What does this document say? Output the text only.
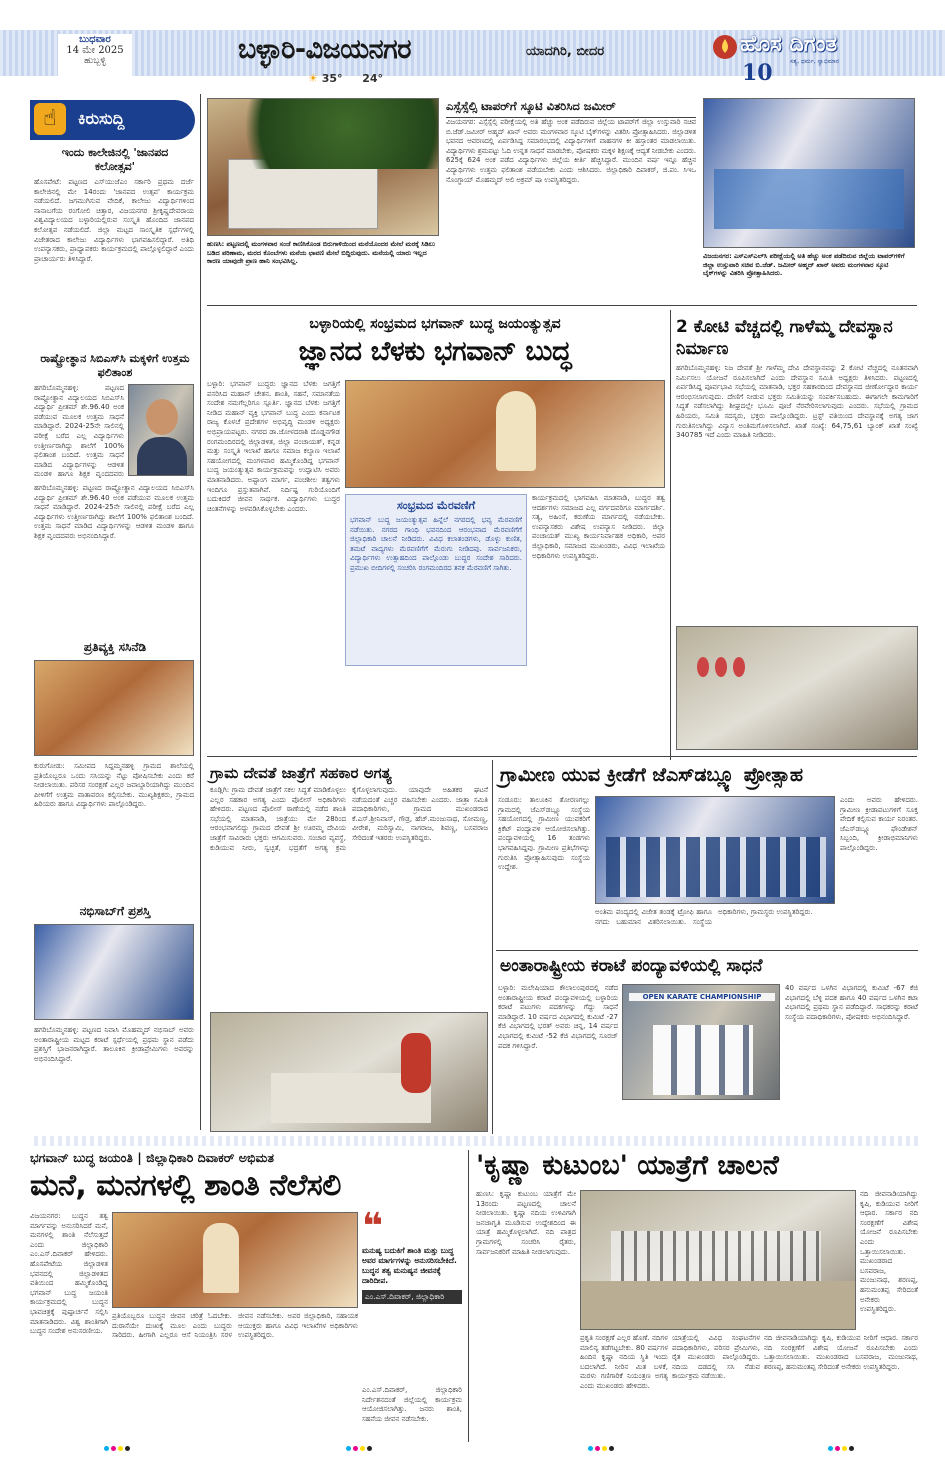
ಬುಧವಾರ
14 ಮೇ 2025
ಹುಬ್ಬಳ್ಳಿ	ಬಳ್ಳಾರಿ-ವಿಜಯನಗರ	ಯಾದಗಿರಿ, ಬೀದರ
☀ 35° 24°	10
ಹೊಸ ದಿಗಂತ
ಸತ್ಯ, ಧರ್ಮ, ಸ್ವಾಭಿಮಾನ
☝	ಕಿರುಸುದ್ದಿ
ಇಂದು ಕಾಲೇಜಿನಲ್ಲಿ 'ಜಾನಪದ ಕಲೋತ್ಸವ'
ಹೊಸಪೇಟೆ: ಪಟ್ಟಣದ ಎಸ್‌ಯುಜೆಎಂ ಸರ್ಕಾರಿ ಪ್ರಥಮ ದರ್ಜೆ ಕಾಲೇಜಿನಲ್ಲಿ ಮೇ 14ರಂದು 'ಜಾನಪದ ಉತ್ಸವ' ಕಾರ್ಯಕ್ರಮ ನಡೆಯಲಿದೆ. ಜಗಮುಗಿಸುವ ವೇದಿಕೆ, ಕಾಲೇಜು ವಿದ್ಯಾರ್ಥಿಗಳಿಂದ ನಾನಾಬಗೆಯ ರಂಗೋಲಿ ಚಿತ್ತಾರ, ವಿಜಯನಗರ ಶ್ರೀಕೃಷ್ಣದೇವರಾಯ ವಿಶ್ವವಿದ್ಯಾಲಯದ ಬಳ್ಳಾರಿಯಲ್ಲಿರುವ ಸಂಸ್ಕೃತಿ ಹೊಂದಿದ ಜಾನಪದ ಕಲೋತ್ಸವ ನಡೆಯಲಿದೆ. ಜಿಲ್ಲಾ ಮಟ್ಟದ ಸಾಂಸ್ಕೃತಿಕ ಸ್ಪರ್ಧೆಗಳಲ್ಲಿ ವಿಜೇತರಾದ ಕಾಲೇಜು ವಿದ್ಯಾರ್ಥಿಗಳು ಭಾಗವಹಿಸಲಿದ್ದಾರೆ. ಅತಿಥಿ ಉಪನ್ಯಾಸಕರು, ಪ್ರಾಧ್ಯಾಪಕರು ಕಾರ್ಯಕ್ರಮದಲ್ಲಿ ಪಾಲ್ಗೊಳ್ಳಲಿದ್ದಾರೆ ಎಂದು ಪ್ರಾಚಾರ್ಯರು ತಿಳಿಸಿದ್ದಾರೆ.
ರಾಷ್ಟ್ರೋತ್ಥಾನ ಸಿಬಿಎಸ್‌ಸಿ ಮಕ್ಕಳಿಗೆ ಉತ್ತಮ ಫಲಿತಾಂಶ
ಹಗರಿಬೊಮ್ಮನಹಳ್ಳಿ: ಪಟ್ಟಣದ ರಾಷ್ಟ್ರೋತ್ಥಾನ ವಿದ್ಯಾಲಯದ ಸಿಬಿಎಸ್‌ಸಿ ವಿದ್ಯಾರ್ಥಿ ಪ್ರೀತಮ್ ಶೇ.96.40 ಅಂಕ ಪಡೆಯುವ ಮೂಲಕ ಉತ್ತಮ ಸಾಧನೆ ಮಾಡಿದ್ದಾರೆ. 2024-25ನೇ ಸಾಲಿನಲ್ಲಿ ಪರೀಕ್ಷೆ ಬರೆದ ಎಲ್ಲ ವಿದ್ಯಾರ್ಥಿಗಳು ಉತ್ತೀರ್ಣರಾಗಿದ್ದು ಶಾಲೆಗೆ 100% ಫಲಿತಾಂಶ ಬಂದಿದೆ. ಉತ್ತಮ ಸಾಧನೆ ಮಾಡಿದ ವಿದ್ಯಾರ್ಥಿಗಳನ್ನು ಆಡಳಿತ ಮಂಡಳಿ ಹಾಗೂ ಶಿಕ್ಷಕ ವೃಂದದವರು
ಹಗರಿಬೊಮ್ಮನಹಳ್ಳಿ: ಪಟ್ಟಣದ ರಾಷ್ಟ್ರೋತ್ಥಾನ ವಿದ್ಯಾಲಯದ ಸಿಬಿಎಸ್‌ಸಿ ವಿದ್ಯಾರ್ಥಿ ಪ್ರೀತಮ್ ಶೇ.96.40 ಅಂಕ ಪಡೆಯುವ ಮೂಲಕ ಉತ್ತಮ ಸಾಧನೆ ಮಾಡಿದ್ದಾರೆ. 2024-25ನೇ ಸಾಲಿನಲ್ಲಿ ಪರೀಕ್ಷೆ ಬರೆದ ಎಲ್ಲ ವಿದ್ಯಾರ್ಥಿಗಳು ಉತ್ತೀರ್ಣರಾಗಿದ್ದು ಶಾಲೆಗೆ 100% ಫಲಿತಾಂಶ ಬಂದಿದೆ. ಉತ್ತಮ ಸಾಧನೆ ಮಾಡಿದ ವಿದ್ಯಾರ್ಥಿಗಳನ್ನು ಆಡಳಿತ ಮಂಡಳಿ ಹಾಗೂ ಶಿಕ್ಷಕ ವೃಂದದವರು ಅಭಿನಂದಿಸಿದ್ದಾರೆ.
ಪ್ರತಿವ್ಯಕ್ತಿ ಸಸಿನೆಡಿ
ಕುರುಗೋಡು: ಸಮೀಪದ ಸಿದ್ದಮ್ಮನಹಳ್ಳಿ ಗ್ರಾಮದ ಶಾಲೆಯಲ್ಲಿ ಪ್ರತಿಯೊಬ್ಬರೂ ಒಂದು ಸಸಿಯನ್ನು ನೆಟ್ಟು ಪೋಷಿಸಬೇಕು ಎಂದು ಕರೆ ನೀಡಲಾಯಿತು. ಪರಿಸರ ಸಂರಕ್ಷಣೆ ಎಲ್ಲರ ಜವಾಬ್ದಾರಿಯಾಗಿದ್ದು ಮುಂದಿನ ಪೀಳಿಗೆಗೆ ಉತ್ತಮ ವಾತಾವರಣ ಕಲ್ಪಿಸಬೇಕು. ಮುಖ್ಯಶಿಕ್ಷಕರು, ಗ್ರಾಮದ ಹಿರಿಯರು ಹಾಗೂ ವಿದ್ಯಾರ್ಥಿಗಳು ಪಾಲ್ಗೊಂಡಿದ್ದರು.
ನಭಿಸಾಬ್‌ಗೆ ಪ್ರಶಸ್ತಿ
ಹಗರಿಬೊಮ್ಮನಹಳ್ಳಿ: ಪಟ್ಟಣದ ನಿವಾಸಿ ಮೊಹಮ್ಮದ್ ನಭಿಸಾಬ್ ಅವರು ಅಂತಾರಾಷ್ಟ್ರೀಯ ಮಟ್ಟದ ಕರಾಟೆ ಸ್ಪರ್ಧೆಯಲ್ಲಿ ಪ್ರಥಮ ಸ್ಥಾನ ಪಡೆದು ಪ್ರಶಸ್ತಿಗೆ ಭಾಜನರಾಗಿದ್ದಾರೆ. ತಾಲೂಕಿನ ಕ್ರೀಡಾಪ್ರೇಮಿಗಳು ಅವರನ್ನು ಅಭಿನಂದಿಸಿದ್ದಾರೆ.
ಹುಣಸಿ: ಪಟ್ಟಣದಲ್ಲಿ ಮಂಗಳವಾರ ಸಂಜೆ ಕಾಣಿಸಿಕೊಂಡ ಬಿರುಗಾಳಿಯಿಂದ ಮನೆಯೊಂದರ ಮೇಲೆ ಮರಕ್ಕೆ ಸಿಡಿಲು ಬಡಿದ ಪರಿಣಾಮ, ಮರದ ಕೊಂಬೆಗಳು ಮನೆಯ ಛಾವಣಿ ಮೇಲೆ ಬಿದ್ದಿರುವುದು. ಮನೆಯಲ್ಲಿ ಯಾರು ಇಲ್ಲದ ಕಾರಣ ಯಾವುದೇ ಪ್ರಾಣ ಹಾನಿ ಸಂಭವಿಸಿಲ್ಲ.
ಎಸ್ಸೆಸ್ಸೆಲ್ಸಿ ಟಾಪರ್‌ಗೆ ಸ್ಕೂಟಿ ವಿತರಿಸಿದ ಜಮೀರ್
ವಿಜಯನಗರ: ಎಸ್ಸೆಸ್ಸೆಲ್ಸಿ ಪರೀಕ್ಷೆಯಲ್ಲಿ ಅತಿ ಹೆಚ್ಚು ಅಂಕ ಪಡೆದಿರುವ ಜಿಲ್ಲೆಯ ಟಾಪರ್‌ಗೆ ಜಿಲ್ಲಾ ಉಸ್ತುವಾರಿ ಸಚಿವ ಬಿ.ಜೆಡ್.ಜಮೀರ್ ಅಹ್ಮದ್ ಖಾನ್ ಅವರು ಮಂಗಳವಾರ ಸ್ಕೂಟಿ ಬೈಕ್‌ಗಳನ್ನು ವಿತರಿಸಿ ಪ್ರೋತ್ಸಾಹಿಸಿದರು. ಜಿಲ್ಲಾಡಳಿತ ಭವನದ ಆವರಣದಲ್ಲಿ ಏರ್ಪಡಿಸಿದ್ದ ಸಮಾರಂಭದಲ್ಲಿ ವಿದ್ಯಾರ್ಥಿಗಳಿಗೆ ವಾಹನಗಳ ಕೀ ಹಸ್ತಾಂತರ ಮಾಡಲಾಯಿತು. ವಿದ್ಯಾರ್ಥಿಗಳು ಶ್ರಮಪಟ್ಟು ಓದಿ ಉನ್ನತ ಸಾಧನೆ ಮಾಡಬೇಕು, ಪೋಷಕರು ಮಕ್ಕಳ ಶಿಕ್ಷಣಕ್ಕೆ ಆದ್ಯತೆ ನೀಡಬೇಕು ಎಂದರು. 625ಕ್ಕೆ 624 ಅಂಕ ಪಡೆದ ವಿದ್ಯಾರ್ಥಿಗಳು ಜಿಲ್ಲೆಯ ಕೀರ್ತಿ ಹೆಚ್ಚಿಸಿದ್ದಾರೆ. ಮುಂದಿನ ವರ್ಷ ಇನ್ನೂ ಹೆಚ್ಚಿನ ವಿದ್ಯಾರ್ಥಿಗಳು ಉತ್ತಮ ಫಲಿತಾಂಶ ಪಡೆಯಬೇಕು ಎಂದು ಆಶಿಸಿದರು. ಜಿಲ್ಲಾಧಿಕಾರಿ ದಿವಾಕರ್, ಜಿ.ಪಂ. ಸಿಇಒ ನೊಂಗ್ಜಾಯ್ ಮೊಹಮ್ಮದ್ ಅಲಿ ಅಕ್ರಮ್ ಷಾ ಉಪಸ್ಥಿತರಿದ್ದರು.
ವಿಜಯನಗರ: ಎಸ್‌ಎಸ್‌ಎಲ್‌ಸಿ ಪರೀಕ್ಷೆಯಲ್ಲಿ ಅತಿ ಹೆಚ್ಚು ಅಂಕ ಪಡೆದಿರುವ ಜಿಲ್ಲೆಯ ಟಾಪರ್‌ಗಳಿಗೆ ಜಿಲ್ಲಾ ಉಸ್ತುವಾರಿ ಸಚಿವ ಬಿ.ಜೆಡ್. ಜಮೀರ್ ಅಹ್ಮದ್ ಖಾನ್ ಅವರು ಮಂಗಳವಾರ ಸ್ಕೂಟಿ ಬೈಕ್‌ಗಳನ್ನು ವಿತರಿಸಿ ಪ್ರೋತ್ಸಾಹಿಸಿದರು.
ಬಳ್ಳಾರಿಯಲ್ಲಿ ಸಂಭ್ರಮದ ಭಗವಾನ್ ಬುದ್ಧ ಜಯಂತ್ಯುತ್ಸವ
ಜ್ಞಾನದ ಬೆಳಕು ಭಗವಾನ್ ಬುದ್ಧ
ಬಳ್ಳಾರಿ: ಭಗವಾನ್ ಬುದ್ಧರು ಜ್ಞಾನದ ಬೆಳಕು ಜಗತ್ತಿಗೆ ಪಸರಿಸಿದ ಮಹಾನ್ ಚೇತನ. ಶಾಂತಿ, ಸಹನೆ, ಸಮಾನತೆಯ ಸಂದೇಶ ನಮಗೆಲ್ಲರಿಗೂ ಸ್ಪೂರ್ತಿ. ಜ್ಞಾನದ ಬೆಳಕು ಜಗತ್ತಿಗೆ ನೀಡಿದ ಮಹಾನ್ ವ್ಯಕ್ತಿ ಭಗವಾನ್ ಬುದ್ಧ ಎಂದು ಕರ್ನಾಟಕ ರಾಜ್ಯ ಕೊಳಚೆ ಪ್ರದೇಶಗಳ ಅಭಿವೃದ್ಧಿ ಮಂಡಳಿ ಅಧ್ಯಕ್ಷರು ಅಭಿಪ್ರಾಯಪಟ್ಟರು. ನಗರದ ಡಾ.ಜೋಳದರಾಶಿ ದೊಡ್ಡನಗೌಡ ರಂಗಮಂದಿರದಲ್ಲಿ ಜಿಲ್ಲಾಡಳಿತ, ಜಿಲ್ಲಾ ಪಂಚಾಯತ್, ಕನ್ನಡ ಮತ್ತು ಸಂಸ್ಕೃತಿ ಇಲಾಖೆ ಹಾಗೂ ಸಮಾಜ ಕಲ್ಯಾಣ ಇಲಾಖೆ ಸಹಯೋಗದಲ್ಲಿ ಮಂಗಳವಾರ ಹಮ್ಮಿಕೊಂಡಿದ್ದ ಭಗವಾನ್ ಬುದ್ಧ ಜಯಂತ್ಯುತ್ಸವ ಕಾರ್ಯಕ್ರಮವನ್ನು ಉದ್ಘಾಟಿಸಿ ಅವರು ಮಾತನಾಡಿದರು. ಅಷ್ಟಾಂಗ ಮಾರ್ಗ, ಪಂಚಶೀಲ ತತ್ವಗಳು ಇಂದಿಗೂ ಪ್ರಸ್ತುತವಾಗಿವೆ. ನಿರ್ದಿಷ್ಟ ಗುರಿಯೊಂದಿಗೆ ಬದುಕಿದರೆ ಜೀವನ ಸಾರ್ಥಕ. ವಿದ್ಯಾರ್ಥಿಗಳು ಬುದ್ಧರ ಚಿಂತನೆಗಳನ್ನು ಅಳವಡಿಸಿಕೊಳ್ಳಬೇಕು ಎಂದರು.	ಸಂಭ್ರಮದ ಮೆರವಣಿಗೆ
ಭಗವಾನ್ ಬುದ್ಧ ಜಯಂತ್ಯುತ್ಸವ ಹಿನ್ನೆಲೆ ನಗರದಲ್ಲಿ ಭವ್ಯ ಮೆರವಣಿಗೆ ನಡೆಯಿತು. ನಗರದ ಗಾಂಧಿ ಭವನದಿಂದ ಆರಂಭವಾದ ಮೆರವಣಿಗೆಗೆ ಜಿಲ್ಲಾಧಿಕಾರಿ ಚಾಲನೆ ನೀಡಿದರು. ವಿವಿಧ ಕಲಾತಂಡಗಳು, ಡೊಳ್ಳು ಕುಣಿತ, ತಮಟೆ ವಾದ್ಯಗಳು ಮೆರವಣಿಗೆಗೆ ಮೆರುಗು ನೀಡಿದವು. ಸಾರ್ವಜನಿಕರು, ವಿದ್ಯಾರ್ಥಿಗಳು ಉತ್ಸಾಹದಿಂದ ಪಾಲ್ಗೊಂಡು ಬುದ್ಧರ ಸಂದೇಶ ಸಾರಿದರು. ಪ್ರಮುಖ ಬೀದಿಗಳಲ್ಲಿ ಸಂಚರಿಸಿ ರಂಗಮಂದಿರದ ತನಕ ಮೆರವಣಿಗೆ ಸಾಗಿತು.
ಕಾರ್ಯಕ್ರಮದಲ್ಲಿ ಭಾಗವಹಿಸಿ ಮಾತನಾಡಿ, ಬುದ್ಧರ ತತ್ವ ಆದರ್ಶಗಳು ಸಮಾಜದ ಎಲ್ಲ ವರ್ಗದವರಿಗೂ ಮಾರ್ಗದರ್ಶಿ. ಸತ್ಯ, ಅಹಿಂಸೆ, ಕರುಣೆಯ ಮಾರ್ಗದಲ್ಲಿ ನಡೆಯಬೇಕು. ಉಪನ್ಯಾಸಕರು ವಿಶೇಷ ಉಪನ್ಯಾಸ ನೀಡಿದರು. ಜಿಲ್ಲಾ ಪಂಚಾಯತ್ ಮುಖ್ಯ ಕಾರ್ಯನಿರ್ವಾಹಕ ಅಧಿಕಾರಿ, ಅಪರ ಜಿಲ್ಲಾಧಿಕಾರಿ, ಸಮಾಜದ ಮುಖಂಡರು, ವಿವಿಧ ಇಲಾಖೆಯ ಅಧಿಕಾರಿಗಳು ಉಪಸ್ಥಿತರಿದ್ದರು.
2 ಕೋಟಿ ವೆಚ್ಚದಲ್ಲಿ ಗಾಳೆಮ್ಮ ದೇವಸ್ಥಾನ ನಿರ್ಮಾಣ
ಹಗರಿಬೊಮ್ಮನಹಳ್ಳಿ: ನಿಜ ದೇವತೆ ಶ್ರೀ ಗಾಳೆಮ್ಮ ದೇವಿ ದೇವಸ್ಥಾನವನ್ನು 2 ಕೋಟಿ ವೆಚ್ಚದಲ್ಲಿ ನೂತನವಾಗಿ ನಿರ್ಮಿಸಲು ಯೋಜನೆ ರೂಪಿಸಲಾಗಿದೆ ಎಂದು ದೇವಸ್ಥಾನ ಸಮಿತಿ ಅಧ್ಯಕ್ಷರು ತಿಳಿಸಿದರು. ಪಟ್ಟಣದಲ್ಲಿ ಏರ್ಪಡಿಸಿದ್ದ ಪೂರ್ವಭಾವಿ ಸಭೆಯಲ್ಲಿ ಮಾತನಾಡಿ, ಭಕ್ತರ ಸಹಕಾರದಿಂದ ದೇವಸ್ಥಾನದ ಜೀರ್ಣೋದ್ಧಾರ ಕಾರ್ಯ ಆರಂಭಿಸಲಾಗುವುದು. ದೇಣಿಗೆ ನೀಡುವ ಭಕ್ತರು ಸಮಿತಿಯನ್ನು ಸಂಪರ್ಕಿಸಬಹುದು. ಈಗಾಗಲೇ ಕಾಮಗಾರಿಗೆ ಸಿದ್ಧತೆ ನಡೆಸಲಾಗಿದ್ದು ಶೀಘ್ರದಲ್ಲೇ ಭೂಮಿ ಪೂಜೆ ನೆರವೇರಿಸಲಾಗುವುದು ಎಂದರು. ಸಭೆಯಲ್ಲಿ ಗ್ರಾಮದ ಹಿರಿಯರು, ಸಮಿತಿ ಸದಸ್ಯರು, ಭಕ್ತರು ಪಾಲ್ಗೊಂಡಿದ್ದರು. ಟ್ರಸ್ಟ್ ವತಿಯಿಂದ ದೇವಸ್ಥಾನಕ್ಕೆ ಅಗತ್ಯ ಜಾಗ ಗುರುತಿಸಲಾಗಿದ್ದು ವಿನ್ಯಾಸ ಅಂತಿಮಗೊಳಿಸಲಾಗಿದೆ. ಖಾತೆ ಸಂಖ್ಯೆ: 64,75,61 ಬ್ಯಾಂಕ್ ಖಾತೆ ಸಂಖ್ಯೆ 340785 ಇದೆ ಎಂದು ಮಾಹಿತಿ ನೀಡಿದರು.
ಗ್ರಾಮ ದೇವತೆ ಜಾತ್ರೆಗೆ ಸಹಕಾರ ಅಗತ್ಯ
ಕೂಡ್ಲಿಗಿ: ಗ್ರಾಮ ದೇವತೆ ಜಾತ್ರೆಗೆ ಸಕಲ ಸಿದ್ಧತೆ ಮಾಡಿಕೊಳ್ಳಲು ಎಲ್ಲರ ಸಹಕಾರ ಅಗತ್ಯ ಎಂದು ಪೊಲೀಸ್ ಅಧಿಕಾರಿಗಳು ಹೇಳಿದರು. ಪಟ್ಟಣದ ಪೊಲೀಸ್ ಠಾಣೆಯಲ್ಲಿ ನಡೆದ ಶಾಂತಿ ಸಭೆಯಲ್ಲಿ ಮಾತನಾಡಿ, ಜಾತ್ರೆಯು ಮೇ 28ರಿಂದ ಆರಂಭವಾಗಲಿದ್ದು ಗ್ರಾಮದ ದೇವತೆ ಶ್ರೀ ಊರಮ್ಮ ದೇವಿಯ ಜಾತ್ರೆಗೆ ಸಾವಿರಾರು ಭಕ್ತರು ಆಗಮಿಸುವರು. ಸಂಚಾರ ವ್ಯವಸ್ಥೆ, ಕುಡಿಯುವ ನೀರು, ಸ್ವಚ್ಛತೆ, ಭದ್ರತೆಗೆ ಅಗತ್ಯ ಕ್ರಮ ಕೈಗೊಳ್ಳಲಾಗುವುದು. ಯಾವುದೇ ಅಹಿತಕರ ಘಟನೆ ನಡೆಯದಂತೆ ಎಚ್ಚರ ವಹಿಸಬೇಕು ಎಂದರು. ಜಾತ್ರಾ ಸಮಿತಿ ಪದಾಧಿಕಾರಿಗಳು, ಗ್ರಾಮದ ಮುಖಂಡರಾದ ಕೆ.ಎಸ್.ಶ್ರೀನಿವಾಸ್, ಗೌಡ್ರ, ಹೆಚ್.ಮಂಜುನಾಥ, ಸೋಮಣ್ಣ, ವೀರೇಶ, ಮರಿಸ್ವಾಮಿ, ನಾಗರಾಜ, ಶಿವಣ್ಣ, ಬಸವರಾಜ ಸೇರಿದಂತೆ ಇತರರು ಉಪಸ್ಥಿತರಿದ್ದರು.
ಗ್ರಾಮೀಣ ಯುವ ಕ್ರೀಡೆಗೆ ಜೆಎಸ್‌ಡಬ್ಲ್ಯೂ ಪ್ರೋತ್ಸಾಹ
ಸಂಡೂರು: ತಾಲೂಕಿನ ತೋರಣಗಲ್ಲು ಗ್ರಾಮದಲ್ಲಿ ಜೆಎಸ್‌ಡಬ್ಲ್ಯೂ ಸಂಸ್ಥೆಯ ಸಹಯೋಗದಲ್ಲಿ ಗ್ರಾಮೀಣ ಯುವಕರಿಗೆ ಕ್ರಿಕೆಟ್ ಪಂದ್ಯಾವಳಿ ಆಯೋಜಿಸಲಾಗಿತ್ತು. ಪಂದ್ಯಾವಳಿಯಲ್ಲಿ 16 ತಂಡಗಳು ಭಾಗವಹಿಸಿದ್ದವು. ಗ್ರಾಮೀಣ ಪ್ರತಿಭೆಗಳನ್ನು ಗುರುತಿಸಿ ಪ್ರೋತ್ಸಾಹಿಸುವುದು ಸಂಸ್ಥೆಯ ಉದ್ದೇಶ.
ಅಂತಿಮ ಪಂದ್ಯದಲ್ಲಿ ವಿಜೇತ ತಂಡಕ್ಕೆ ಟ್ರೋಫಿ ಹಾಗೂ ನಗದು ಬಹುಮಾನ ವಿತರಿಸಲಾಯಿತು. ಸಂಸ್ಥೆಯ ಅಧಿಕಾರಿಗಳು, ಗ್ರಾಮಸ್ಥರು ಉಪಸ್ಥಿತರಿದ್ದರು.
ಎಂದು ಅವರು ಹೇಳಿದರು. ಗ್ರಾಮೀಣ ಕ್ರೀಡಾಪಟುಗಳಿಗೆ ಸೂಕ್ತ ವೇದಿಕೆ ಕಲ್ಪಿಸುವ ಕಾರ್ಯ ನಿರಂತರ. ಜೆಎಸ್‌ಡಬ್ಲ್ಯೂ ಫೌಂಡೇಶನ್ ಸಿಬ್ಬಂದಿ, ಕ್ರೀಡಾಭಿಮಾನಿಗಳು ಪಾಲ್ಗೊಂಡಿದ್ದರು.
ಅಂತಾರಾಷ್ಟ್ರೀಯ ಕರಾಟೆ ಪಂದ್ಯಾವಳಿಯಲ್ಲಿ ಸಾಧನೆ
ಬಳ್ಳಾರಿ: ಮಲೇಷಿಯಾದ ಕೌಲಾಲಂಪುರದಲ್ಲಿ ನಡೆದ ಅಂತಾರಾಷ್ಟ್ರೀಯ ಕರಾಟೆ ಪಂದ್ಯಾವಳಿಯಲ್ಲಿ ಬಳ್ಳಾರಿಯ ಕರಾಟೆ ಪಟುಗಳು ಪದಕಗಳನ್ನು ಗೆದ್ದು ಸಾಧನೆ ಮಾಡಿದ್ದಾರೆ. 10 ವರ್ಷದ ವಿಭಾಗದಲ್ಲಿ ಕುಮಿಟೆ -27 ಕೆಜಿ ವಿಭಾಗದಲ್ಲಿ ಭರತ್ ಅವರು ಚಿನ್ನ, 14 ವರ್ಷದ ವಿಭಾಗದಲ್ಲಿ ಕುಮಿಟೆ -52 ಕೆಜಿ ವಿಭಾಗದಲ್ಲಿ ಸೂರಜ್ ಪದಕ ಗಳಿಸಿದ್ದಾರೆ.
OPEN KARATE CHAMPIONSHIP
40 ವರ್ಷದ ಒಳಗಿನ ವಿಭಾಗದಲ್ಲಿ ಕುಮಿಟೆ -67 ಕೆಜಿ ವಿಭಾಗದಲ್ಲಿ ಬೆಳ್ಳಿ ಪದಕ ಹಾಗೂ 40 ವರ್ಷದ ಒಳಗಿನ ಕಟಾ ವಿಭಾಗದಲ್ಲಿ ಪ್ರಥಮ ಸ್ಥಾನ ಪಡೆದಿದ್ದಾರೆ. ಸಾಧಕರನ್ನು ಕರಾಟೆ ಸಂಸ್ಥೆಯ ಪದಾಧಿಕಾರಿಗಳು, ಪೋಷಕರು ಅಭಿನಂದಿಸಿದ್ದಾರೆ.
ಭಗವಾನ್ ಬುದ್ಧ ಜಯಂತಿ | ಜಿಲ್ಲಾಧಿಕಾರಿ ದಿವಾಕರ್ ಅಭಿಮತ
ಮನೆ, ಮನಗಳಲ್ಲಿ ಶಾಂತಿ ನೆಲೆಸಲಿ
ವಿಜಯನಗರ: ಬುದ್ಧನ ತತ್ವ ಮಾರ್ಗವನ್ನು ಅನುಸರಿಸಿದರೆ ಮನೆ, ಮನಗಳಲ್ಲಿ ಶಾಂತಿ ನೆಲೆಸುತ್ತದೆ ಎಂದು ಜಿಲ್ಲಾಧಿಕಾರಿ ಎಂ.ಎಸ್.ದಿವಾಕರ್ ಹೇಳಿದರು. ಹೊಸಪೇಟೆಯ ಜಿಲ್ಲಾಡಳಿತ ಭವನದಲ್ಲಿ ಜಿಲ್ಲಾಡಳಿತದ ವತಿಯಿಂದ ಹಮ್ಮಿಕೊಂಡಿದ್ದ ಭಗವಾನ್ ಬುದ್ಧ ಜಯಂತಿ ಕಾರ್ಯಕ್ರಮದಲ್ಲಿ ಬುದ್ಧನ ಭಾವಚಿತ್ರಕ್ಕೆ ಪುಷ್ಪಾರ್ಚನೆ ಸಲ್ಲಿಸಿ ಮಾತನಾಡಿದರು. ವಿಶ್ವ ಶಾಂತಿಗಾಗಿ ಬುದ್ಧನ ಸಂದೇಶ ಅನುಸರಣೀಯ.
ಪ್ರತಿಯೊಬ್ಬರೂ ಬುದ್ಧನ ಜೀವನ ಚರಿತ್ರೆ ಓದಬೇಕು. ದುರಾಸೆಯೇ ದುಃಖಕ್ಕೆ ಮೂಲ ಎಂದು ಬುದ್ಧರು ಸಾರಿದರು. ಹೀಗಾಗಿ ಎಲ್ಲರೂ ಆಸೆ ನಿಯಂತ್ರಿಸಿ ಸರಳ ಜೀವನ ನಡೆಸಬೇಕು. ಅಪರ ಜಿಲ್ಲಾಧಿಕಾರಿ, ಸಹಾಯಕ ಆಯುಕ್ತರು ಹಾಗೂ ವಿವಿಧ ಇಲಾಖೆಗಳ ಅಧಿಕಾರಿಗಳು ಉಪಸ್ಥಿತರಿದ್ದರು.
❝
ಮನುಷ್ಯ ಬದುಕಿಗೆ ಶಾಂತಿ ಮತ್ತು ಬುದ್ಧ ಅವರ ಮಾರ್ಗಗಳನ್ನು ಅನುಸರಿಸಬೇಕಿದೆ. ಬುದ್ಧನ ತತ್ವ ಮನುಷ್ಯನ ಜೀವನಕ್ಕೆ ದಾರಿದೀಪ.
ಎಂ.ಎಸ್.ದಿವಾಕರ್, ಜಿಲ್ಲಾಧಿಕಾರಿ
ಎಂ.ಎಸ್.ದಿವಾಕರ್, ಜಿಲ್ಲಾಧಿಕಾರಿ ನಿರ್ದೇಶನದಂತೆ ಜಿಲ್ಲೆಯಲ್ಲಿ ಕಾರ್ಯಕ್ರಮ ಆಯೋಜಿಸಲಾಗಿತ್ತು. ಜನರು ಶಾಂತಿ, ಸಹನೆಯ ಜೀವನ ನಡೆಸಬೇಕು.
'ಕೃಷ್ಣಾ ಕುಟುಂಬ' ಯಾತ್ರೆಗೆ ಚಾಲನೆ
ಹುಣಸಿ: ಕೃಷ್ಣಾ ಕುಟುಂಬ ಯಾತ್ರೆಗೆ ಮೇ 13ರಂದು ಪಟ್ಟಣದಲ್ಲಿ ಚಾಲನೆ ನೀಡಲಾಯಿತು. ಕೃಷ್ಣಾ ನದಿಯ ಉಳಿವಿಗಾಗಿ ಜನಜಾಗೃತಿ ಮೂಡಿಸುವ ಉದ್ದೇಶದಿಂದ ಈ ಯಾತ್ರೆ ಹಮ್ಮಿಕೊಳ್ಳಲಾಗಿದೆ. ನದಿ ಪಾತ್ರದ ಗ್ರಾಮಗಳಲ್ಲಿ ಸಂಚರಿಸಿ ರೈತರು, ಸಾರ್ವಜನಿಕರಿಗೆ ಮಾಹಿತಿ ನೀಡಲಾಗುವುದು.
ಪ್ರಕೃತಿ ಸಂರಕ್ಷಣೆ ಎಲ್ಲರ ಹೊಣೆ. ನದಿಗಳ ಮಾಲಿನ್ಯ ತಡೆಗಟ್ಟಬೇಕು. 80 ವರ್ಷಗಳ ಹಿಂದಿನ ಕೃಷ್ಣಾ ನದಿಯ ಸ್ಥಿತಿ ಇಂದು ಬದಲಾಗಿದೆ. ನೀರಿನ ಮಿತ ಬಳಕೆ, ಮರಳು ಗಣಿಗಾರಿಕೆ ನಿಯಂತ್ರಣ ಅಗತ್ಯ ಎಂದು ಮುಖಂಡರು ಹೇಳಿದರು.
ಯಾತ್ರೆಯಲ್ಲಿ ವಿವಿಧ ಸಂಘಟನೆಗಳ ಪದಾಧಿಕಾರಿಗಳು, ಪರಿಸರ ಪ್ರೇಮಿಗಳು, ರೈತ ಮುಖಂಡರು ಪಾಲ್ಗೊಂಡಿದ್ದರು. ನದಿಯ ದಡದಲ್ಲಿ ಸಸಿ ನೆಡುವ ಕಾರ್ಯಕ್ರಮ ನಡೆಯಿತು.
ನದಿ ಜೀವನಾಡಿಯಾಗಿದ್ದು ಕೃಷಿ, ಕುಡಿಯುವ ನೀರಿಗೆ ಆಧಾರ. ಸರ್ಕಾರ ನದಿ ಸಂರಕ್ಷಣೆಗೆ ವಿಶೇಷ ಯೋಜನೆ ರೂಪಿಸಬೇಕು ಎಂದು ಒತ್ತಾಯಿಸಲಾಯಿತು. ಮುಖಂಡರಾದ ಬಸವರಾಜ, ಮಂಜುನಾಥ, ಶರಣಪ್ಪ, ಹನುಮಂತಪ್ಪ ಸೇರಿದಂತೆ ಅನೇಕರು ಉಪಸ್ಥಿತರಿದ್ದರು.
ನದಿ ಜೀವನಾಡಿಯಾಗಿದ್ದು ಕೃಷಿ, ಕುಡಿಯುವ ನೀರಿಗೆ ಆಧಾರ. ಸರ್ಕಾರ ನದಿ ಸಂರಕ್ಷಣೆಗೆ ವಿಶೇಷ ಯೋಜನೆ ರೂಪಿಸಬೇಕು ಎಂದು ಒತ್ತಾಯಿಸಲಾಯಿತು. ಮುಖಂಡರಾದ ಬಸವರಾಜ, ಮಂಜುನಾಥ, ಶರಣಪ್ಪ, ಹನುಮಂತಪ್ಪ ಸೇರಿದಂತೆ ಅನೇಕರು ಉಪಸ್ಥಿತರಿದ್ದರು.
